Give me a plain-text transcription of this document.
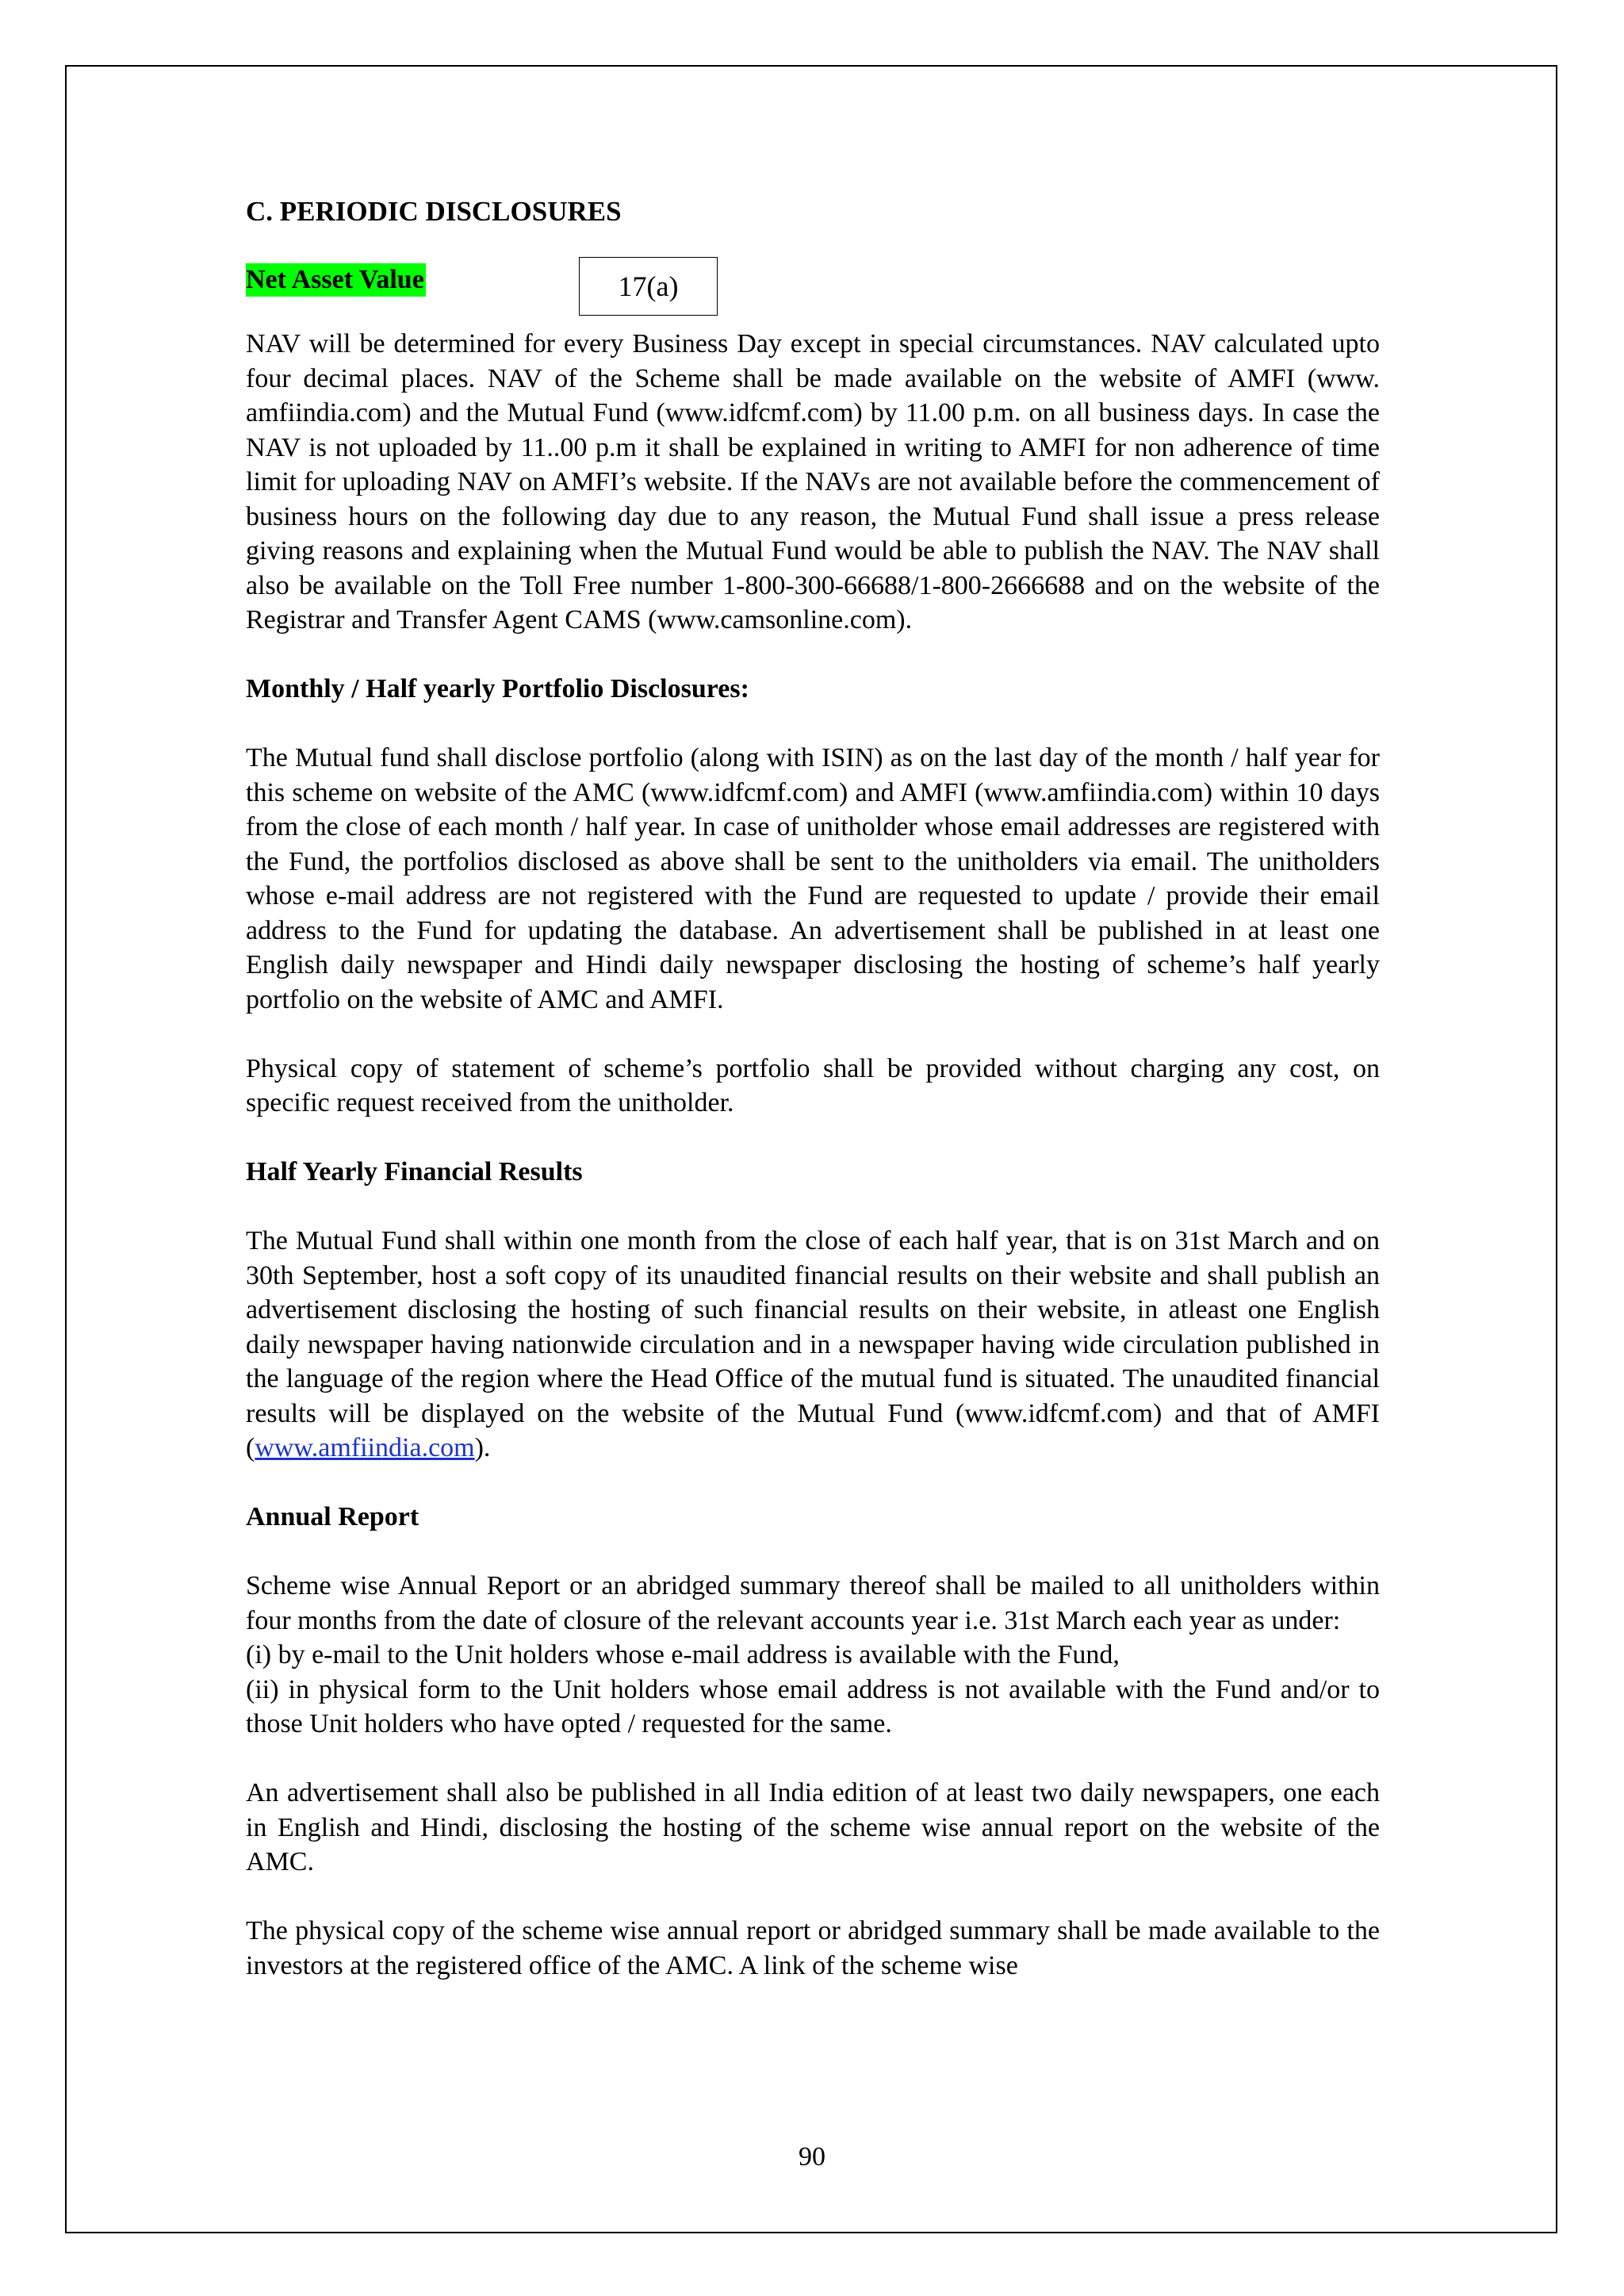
C. PERIODIC DISCLOSURES

Net Asset Value	17(a)

NAV will be determined for every Business Day except in special circumstances. NAV calculated upto four decimal places. NAV of the Scheme shall be made available on the website of AMFI (www. amfiindia.com) and the Mutual Fund (www.idfcmf.com) by 11.00 p.m. on all business days. In case the NAV is not uploaded by 11..00 p.m it shall be explained in writing to AMFI for non adherence of time limit for uploading NAV on AMFI’s website. If the NAVs are not available before the commencement of business hours on the following day due to any reason, the Mutual Fund shall issue a press release giving reasons and explaining when the Mutual Fund would be able to publish the NAV. The NAV shall also be available on the Toll Free number 1-800-300-66688/1-800-2666688 and on the website of the Registrar and Transfer Agent CAMS (www.camsonline.com).

Monthly / Half yearly Portfolio Disclosures:

The Mutual fund shall disclose portfolio (along with ISIN) as on the last day of the month / half year for this scheme on website of the AMC (www.idfcmf.com) and AMFI (www.amfiindia.com) within 10 days from the close of each month / half year. In case of unitholder whose email addresses are registered with the Fund, the portfolios disclosed as above shall be sent to the unitholders via email. The unitholders whose e-mail address are not registered with the Fund are requested to update / provide their email address to the Fund for updating the database. An advertisement shall be published in at least one English daily newspaper and Hindi daily newspaper disclosing the hosting of scheme’s half yearly portfolio on the website of AMC and AMFI.

Physical copy of statement of scheme’s portfolio shall be provided without charging any cost, on specific request received from the unitholder.

Half Yearly Financial Results

The Mutual Fund shall within one month from the close of each half year, that is on 31st March and on 30th September, host a soft copy of its unaudited financial results on their website and shall publish an advertisement disclosing the hosting of such financial results on their website, in atleast one English daily newspaper having nationwide circulation and in a newspaper having wide circulation published in the language of the region where the Head Office of the mutual fund is situated. The unaudited financial results will be displayed on the website of the Mutual Fund (www.idfcmf.com) and that of AMFI (www.amfiindia.com).

Annual Report

Scheme wise Annual Report or an abridged summary thereof shall be mailed to all unitholders within four months from the date of closure of the relevant accounts year i.e. 31st March each year as under:

(i) by e-mail to the Unit holders whose e-mail address is available with the Fund,

(ii) in physical form to the Unit holders whose email address is not available with the Fund and/or to those Unit holders who have opted / requested for the same.

An advertisement shall also be published in all India edition of at least two daily newspapers, one each in English and Hindi, disclosing the hosting of the scheme wise annual report on the website of the AMC.

The physical copy of the scheme wise annual report or abridged summary shall be made available to the investors at the registered office of the AMC. A link of the scheme wise

90
